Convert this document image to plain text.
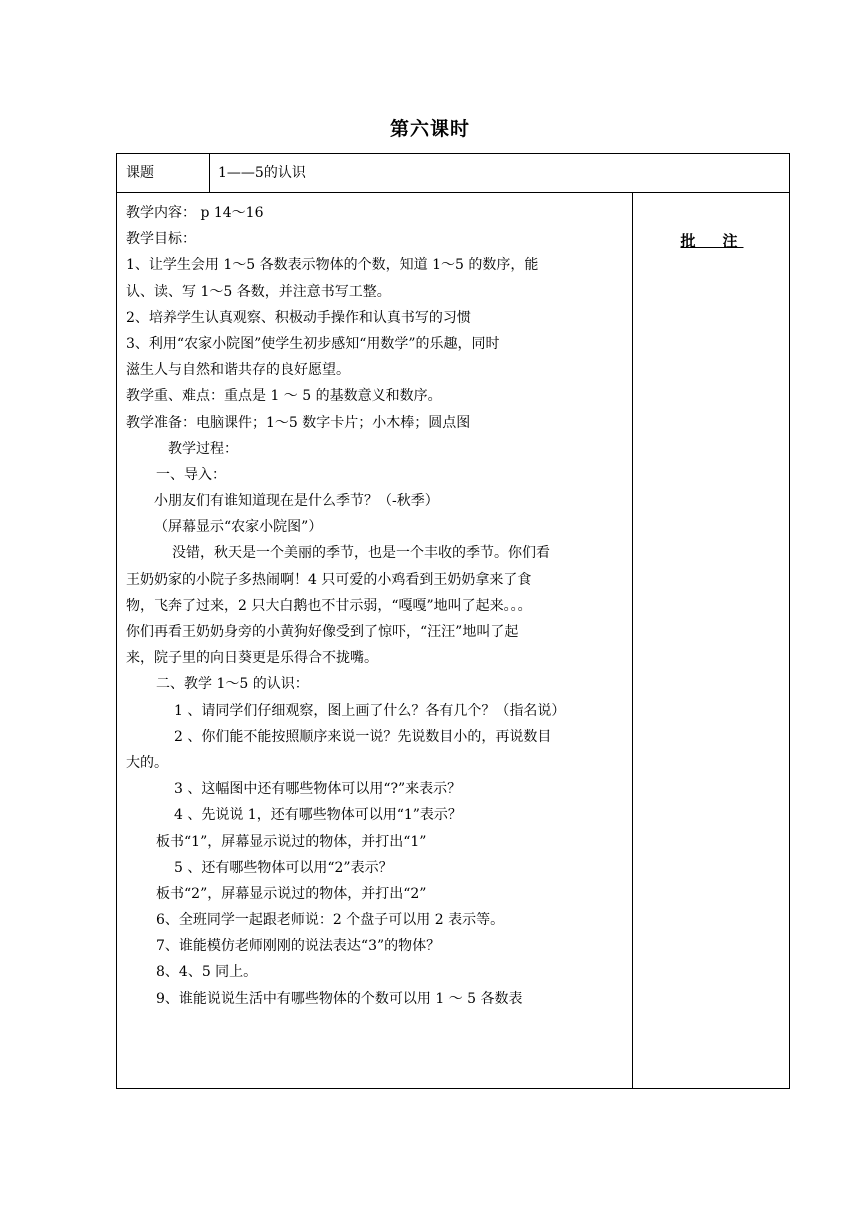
第六课时
课题	1——5的认识
批　注
教学内容： p 14～16
教学目标：
1、让学生会用 1～5 各数表示物体的个数，知道 1～5 的数序，能
认、读、写 1～5 各数，并注意书写工整。
2、培养学生认真观察、积极动手操作和认真书写的习惯
3、利用“农家小院图”使学生初步感知“用数学”的乐趣，同时
滋生人与自然和谐共存的良好愿望。
教学重、难点：重点是 1 ～ 5 的基数意义和数序。
教学准备：电脑课件；1～5 数字卡片；小木棒；圆点图
教学过程：
一、导入：
小朋友们有谁知道现在是什么季节？（-秋季）
（屏幕显示“农家小院图”）
没错，秋天是一个美丽的季节，也是一个丰收的季节。你们看
王奶奶家的小院子多热闹啊！4 只可爱的小鸡看到王奶奶拿来了食
物，飞奔了过来，2 只大白鹅也不甘示弱，“嘎嘎”地叫了起来。。。
你们再看王奶奶身旁的小黄狗好像受到了惊吓，“汪汪”地叫了起
来，院子里的向日葵更是乐得合不拢嘴。
二、教学 1～5 的认识：
1 、请同学们仔细观察，图上画了什么？各有几个？（指名说）
2 、你们能不能按照顺序来说一说？先说数目小的，再说数目
大的。
3 、这幅图中还有哪些物体可以用“?”来表示？
4 、先说说 1，还有哪些物体可以用“1”表示？
板书“1”，屏幕显示说过的物体，并打出“1”
5 、还有哪些物体可以用“2”表示？
板书“2”，屏幕显示说过的物体，并打出“2”
6、全班同学一起跟老师说：2 个盘子可以用 2 表示等。
7、谁能模仿老师刚刚的说法表达“3”的物体？
8、4、5 同上。
9、谁能说说生活中有哪些物体的个数可以用 1 ～ 5 各数表
